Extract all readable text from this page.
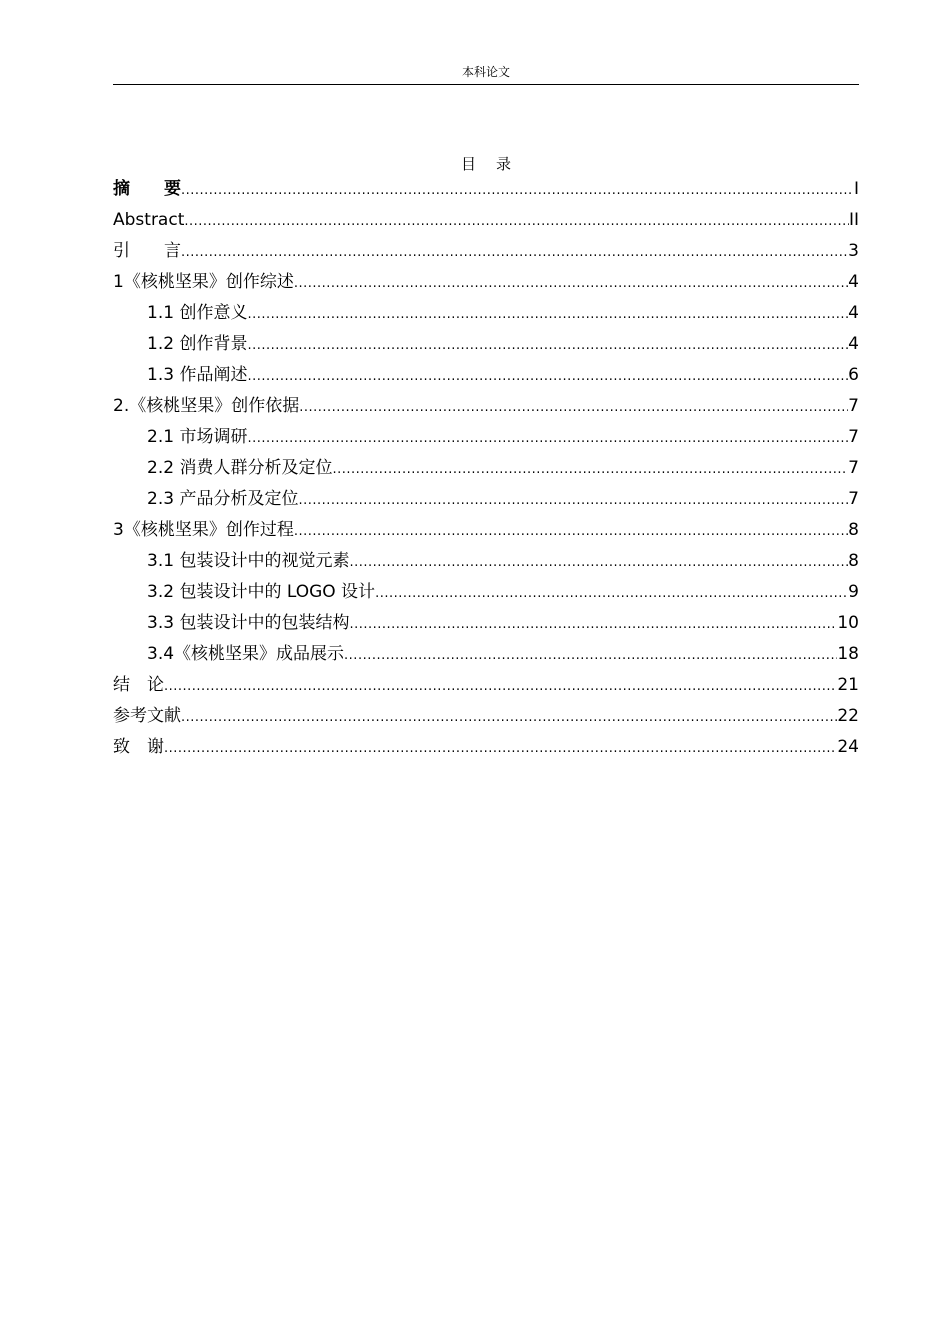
本科论文
目录
摘　　要 .....	I
Abstract .....	II
引　　言 .....	3
1《核桃坚果》创作综述 .....	4
1.1 创作意义 .....	4
1.2 创作背景 .....	4
1.3 作品阐述 .....	6
2.《核桃坚果》创作依据 .....	7
2.1 市场调研 .....	7
2.2 消费人群分析及定位 .....	7
2.3 产品分析及定位 .....	7
3《核桃坚果》创作过程 .....	8
3.1 包装设计中的视觉元素 .....	8
3.2 包装设计中的 LOGO 设计 .....	9
3.3 包装设计中的包装结构 .....	10
3.4《核桃坚果》成品展示 .....	18
结　论 .....	21
参考文献 .....	22
致　谢 .....	24
